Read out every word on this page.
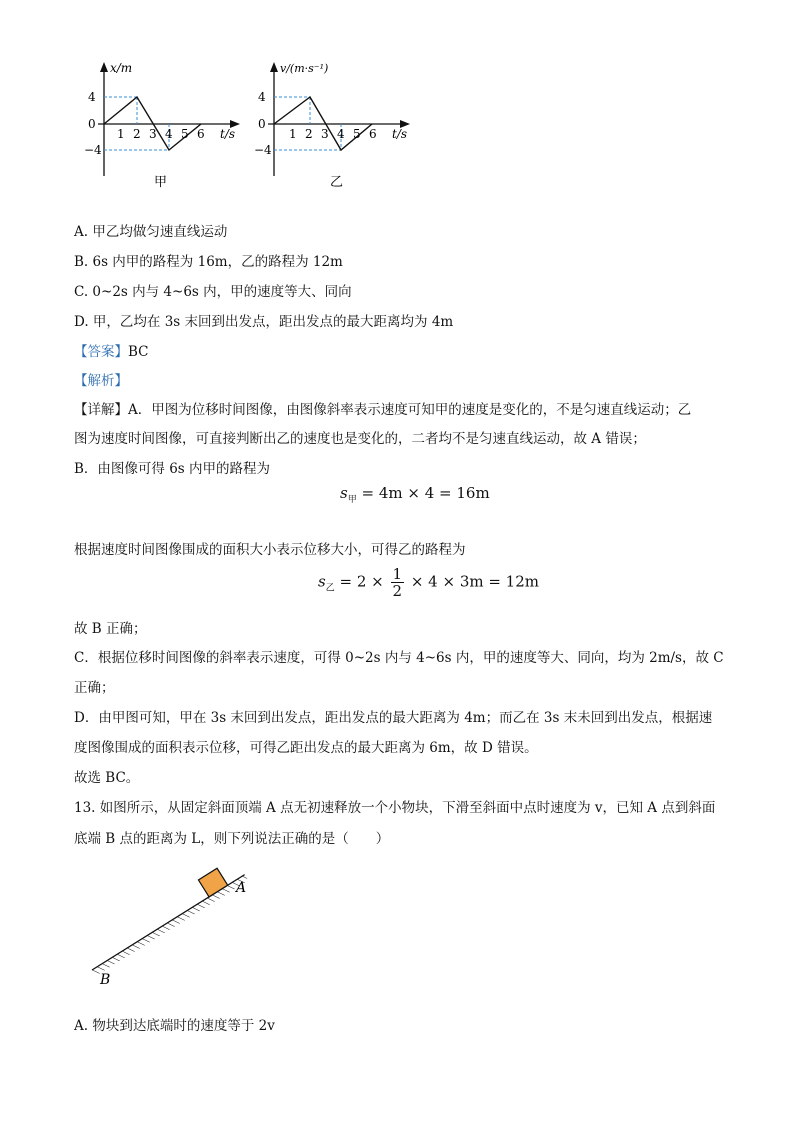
x/m
4
0
−4
1 2 3 4 5 6 t/s
甲
v/(m·s⁻¹)
4
0
−4
1 2 3 4 5 6 t/s
乙
A. 甲乙均做匀速直线运动
B. 6s 内甲的路程为 16m，乙的路程为 12m
C. 0~2s 内与 4~6s 内，甲的速度等大、同向
D. 甲，乙均在 3s 末回到出发点，距出发点的最大距离均为 4m
【答案】BC
【解析】
【详解】A．甲图为位移时间图像，由图像斜率表示速度可知甲的速度是变化的，不是匀速直线运动；乙
图为速度时间图像，可直接判断出乙的速度也是变化的，二者均不是匀速直线运动，故 A 错误；
B．由图像可得 6s 内甲的路程为
$s_甲 = 4m \times 4 = 16m$
根据速度时间图像围成的面积大小表示位移大小，可得乙的路程为
$s_乙 = 2 \times \frac{1}{2} \times 4 \times 3m = 12m$
故 B 正确；
C．根据位移时间图像的斜率表示速度，可得 0~2s 内与 4~6s 内，甲的速度等大、同向，均为 2m/s，故 C
正确；
D．由甲图可知，甲在 3s 末回到出发点，距出发点的最大距离为 4m；而乙在 3s 末未回到出发点，根据速
度图像围成的面积表示位移，可得乙距出发点的最大距离为 6m，故 D 错误。
故选 BC。
13. 如图所示，从固定斜面顶端 A 点无初速释放一个小物块，下滑至斜面中点时速度为 v，已知 A 点到斜面
底端 B 点的距离为 L，则下列说法正确的是（　　）
A
B
A. 物块到达底端时的速度等于 2v
